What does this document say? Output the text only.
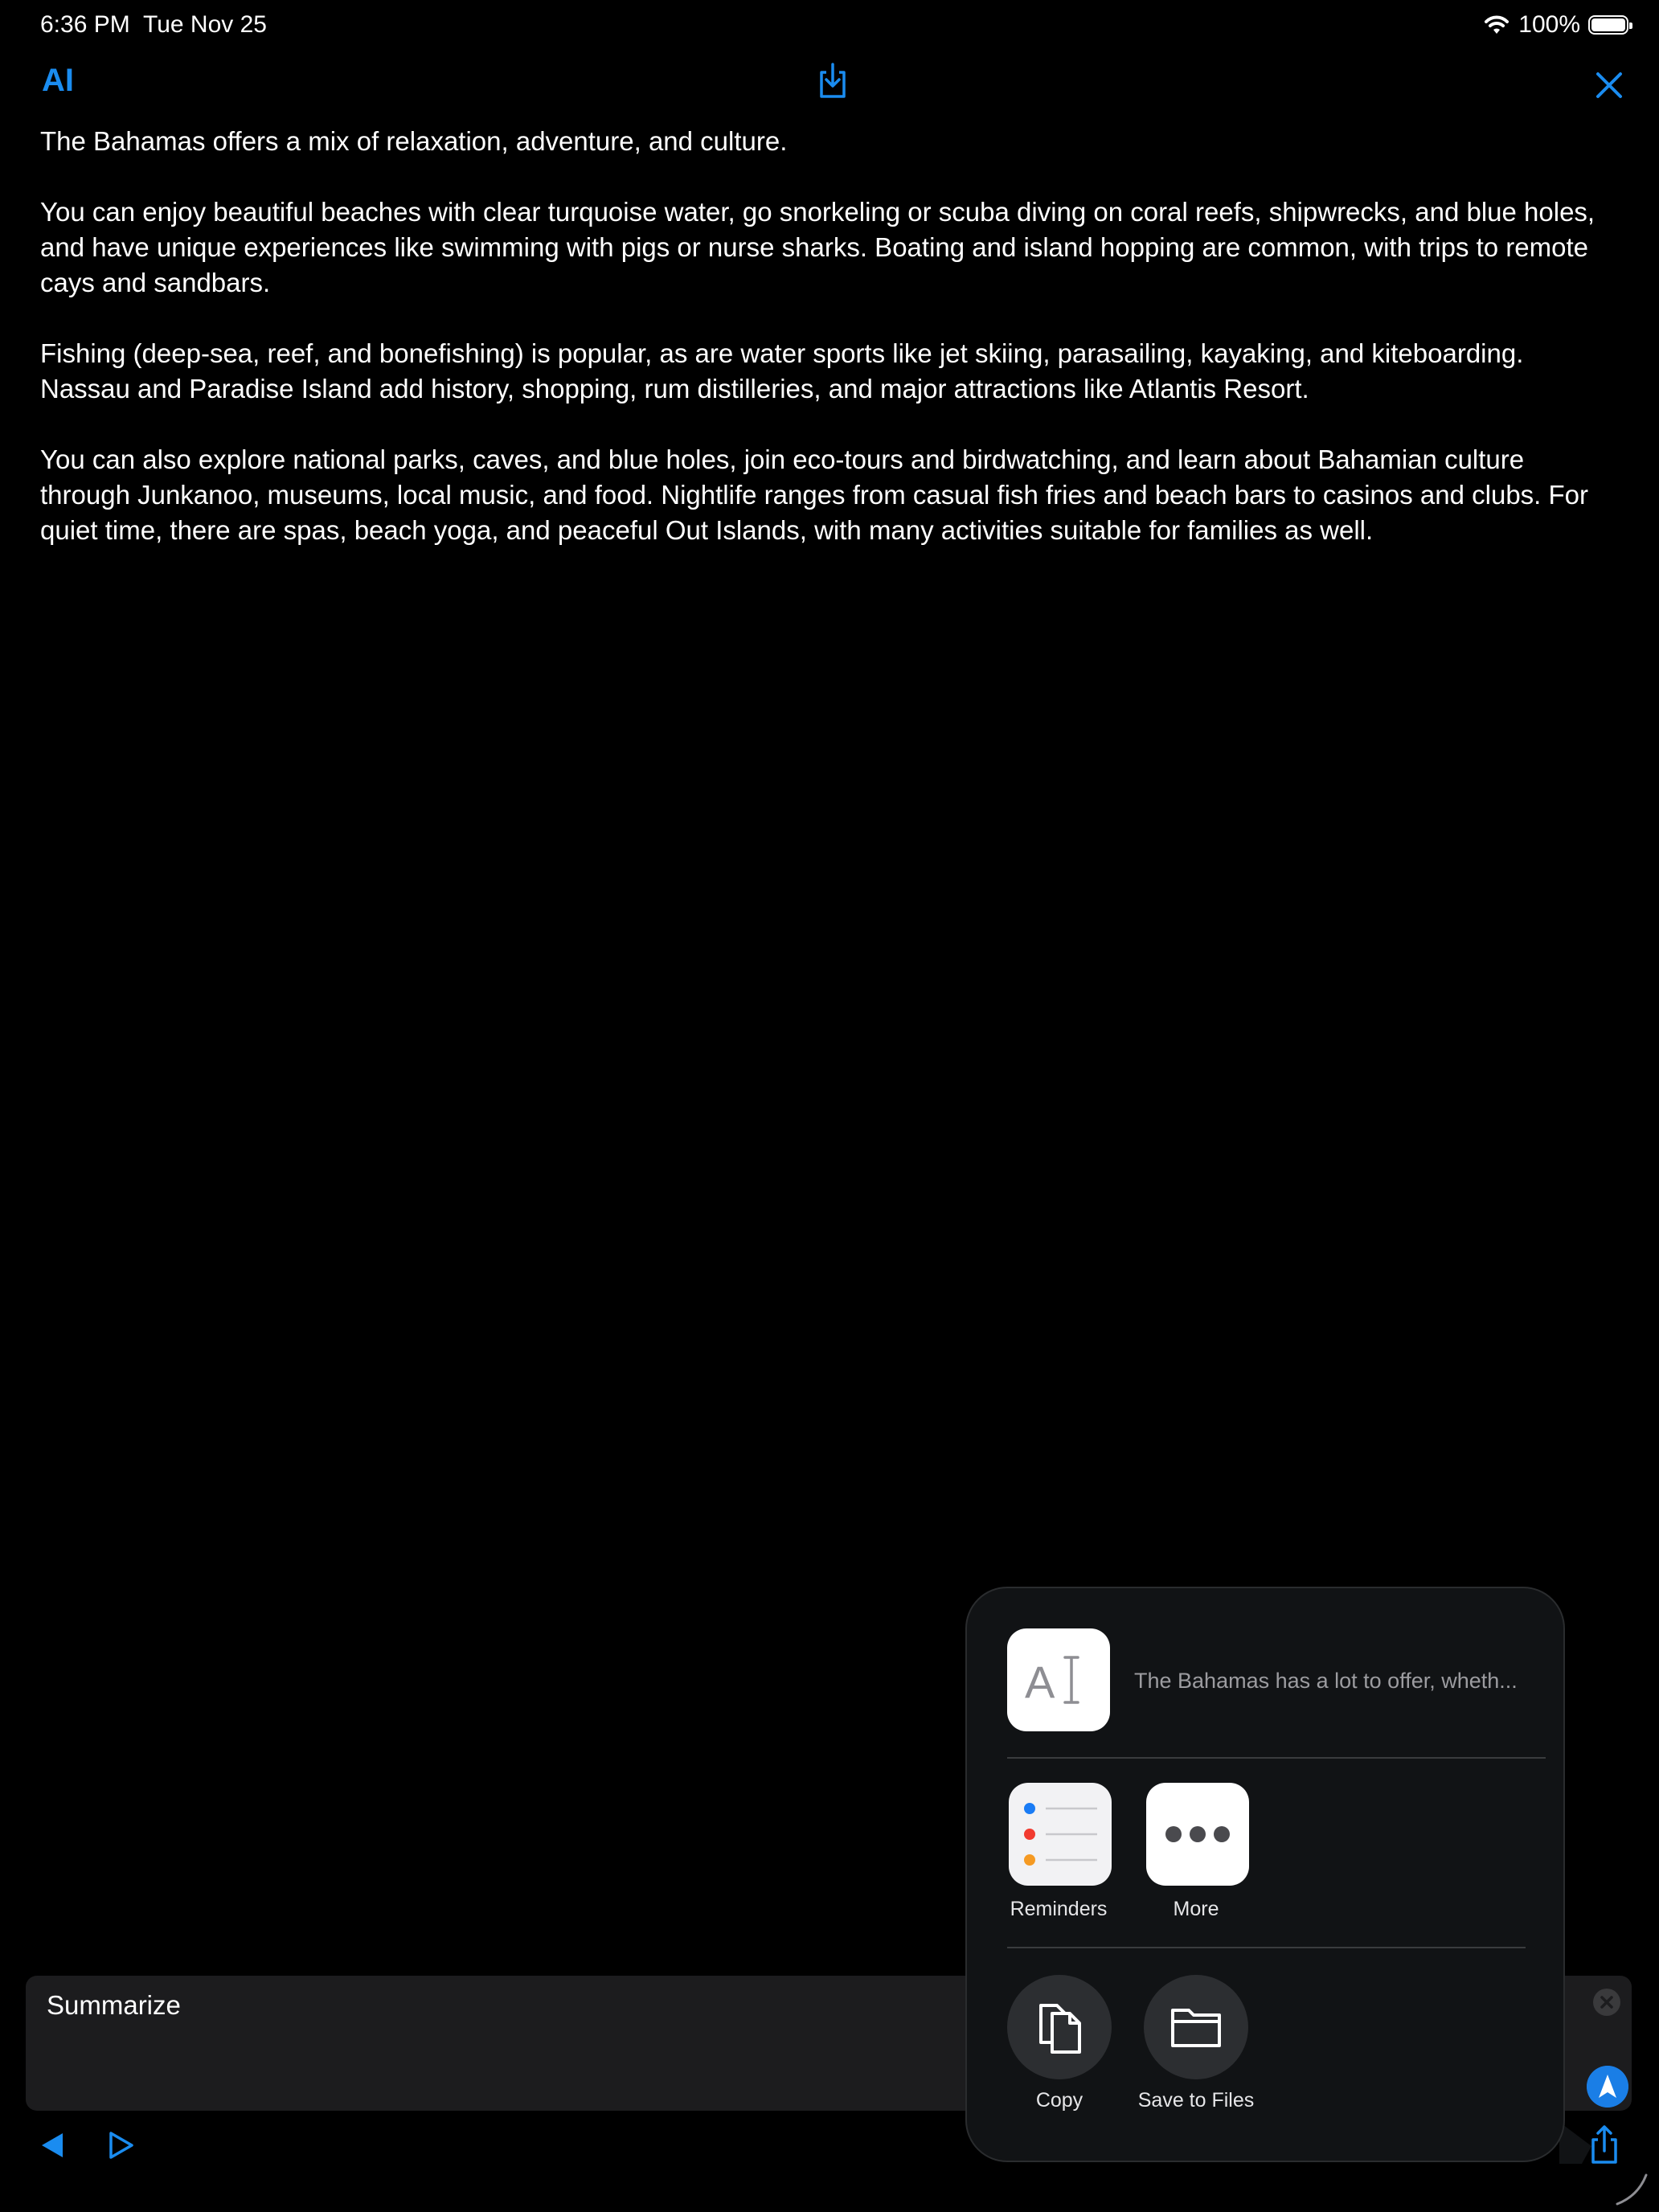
6:36 PM Tue Nov 25	100%
AI

The Bahamas offers a mix of relaxation, adventure, and culture.

You can enjoy beautiful beaches with clear turquoise water, go snorkeling or scuba diving on coral reefs, shipwrecks, and blue holes, and have unique experiences like swimming with pigs or nurse sharks. Boating and island hopping are common, with trips to remote cays and sandbars.

Fishing (deep-sea, reef, and bonefishing) is popular, as are water sports like jet skiing, parasailing, kayaking, and kiteboarding. Nassau and Paradise Island add history, shopping, rum distilleries, and major attractions like Atlantis Resort.

You can also explore national parks, caves, and blue holes, join eco-tours and birdwatching, and learn about Bahamian culture through Junkanoo, museums, local music, and food. Nightlife ranges from casual fish fries and beach bars to casinos and clubs. For quiet time, there are spas, beach yoga, and peaceful Out Islands, with many activities suitable for families as well.

Summarize
A	The Bahamas has a lot to offer, wheth...
Reminders	More
Copy	Save to Files
